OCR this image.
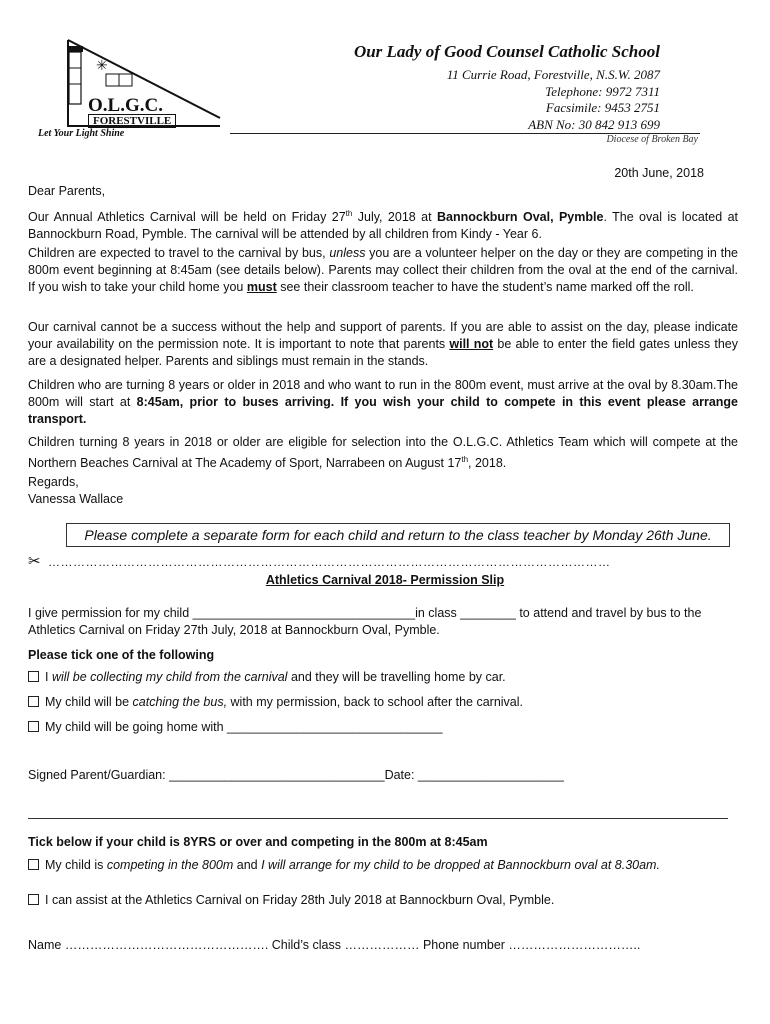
✳
O.L.G.C.
FORESTVILLE
Let Your Light Shine
Our Lady of Good Counsel Catholic School
11 Currie Road, Forestville, N.S.W. 2087
Telephone: 9972 7311
Facsimile: 9453 2751
ABN No: 30 842 913 699
Diocese of Broken Bay
20th June, 2018
Dear Parents,
Our Annual Athletics Carnival will be held on Friday 27th July, 2018 at Bannockburn Oval, Pymble. The oval is located at Bannockburn Road, Pymble. The carnival will be attended by all children from Kindy - Year 6.
Children are expected to travel to the carnival by bus, unless you are a volunteer helper on the day or they are competing in the 800m event beginning at 8:45am (see details below). Parents may collect their children from the oval at the end of the carnival. If you wish to take your child home you must see their classroom teacher to have the student’s name marked off the roll.
Our carnival cannot be a success without the help and support of parents. If you are able to assist on the day, please indicate your availability on the permission note. It is important to note that parents will not be able to enter the field gates unless they are a designated helper. Parents and siblings must remain in the stands.
Children who are turning 8 years or older in 2018 and who want to run in the 800m event, must arrive at the oval by 8.30am.The 800m will start at 8:45am, prior to buses arriving. If you wish your child to compete in this event please arrange transport.
Children turning 8 years in 2018 or older are eligible for selection into the O.L.G.C. Athletics Team which will compete at the Northern Beaches Carnival at The Academy of Sport, Narrabeen on August 17th, 2018.
Regards,
Vanessa Wallace
Please complete a separate form for each child and return to the class teacher by Monday 26th June.
✂ ………………………………………………………………………………………………………………………
Athletics Carnival 2018- Permission Slip
I give permission for my child ________________________________in class ________ to attend and travel by bus to the
Athletics Carnival on Friday 27th July, 2018 at Bannockburn Oval, Pymble.
Please tick one of the following
I will be collecting my child from the carnival and they will be travelling home by car.
My child will be catching the bus, with my permission, back to school after the carnival.
My child will be going home with _______________________________
Signed Parent/Guardian: _______________________________Date: _____________________
Tick below if your child is 8YRS or over and competing in the 800m at 8:45am
My child is competing in the 800m and I will arrange for my child to be dropped at Bannockburn oval at 8.30am.
I can assist at the Athletics Carnival on Friday 28th July 2018 at Bannockburn Oval, Pymble.
Name …………………………………………. Child’s class ……………… Phone number …………………………..
